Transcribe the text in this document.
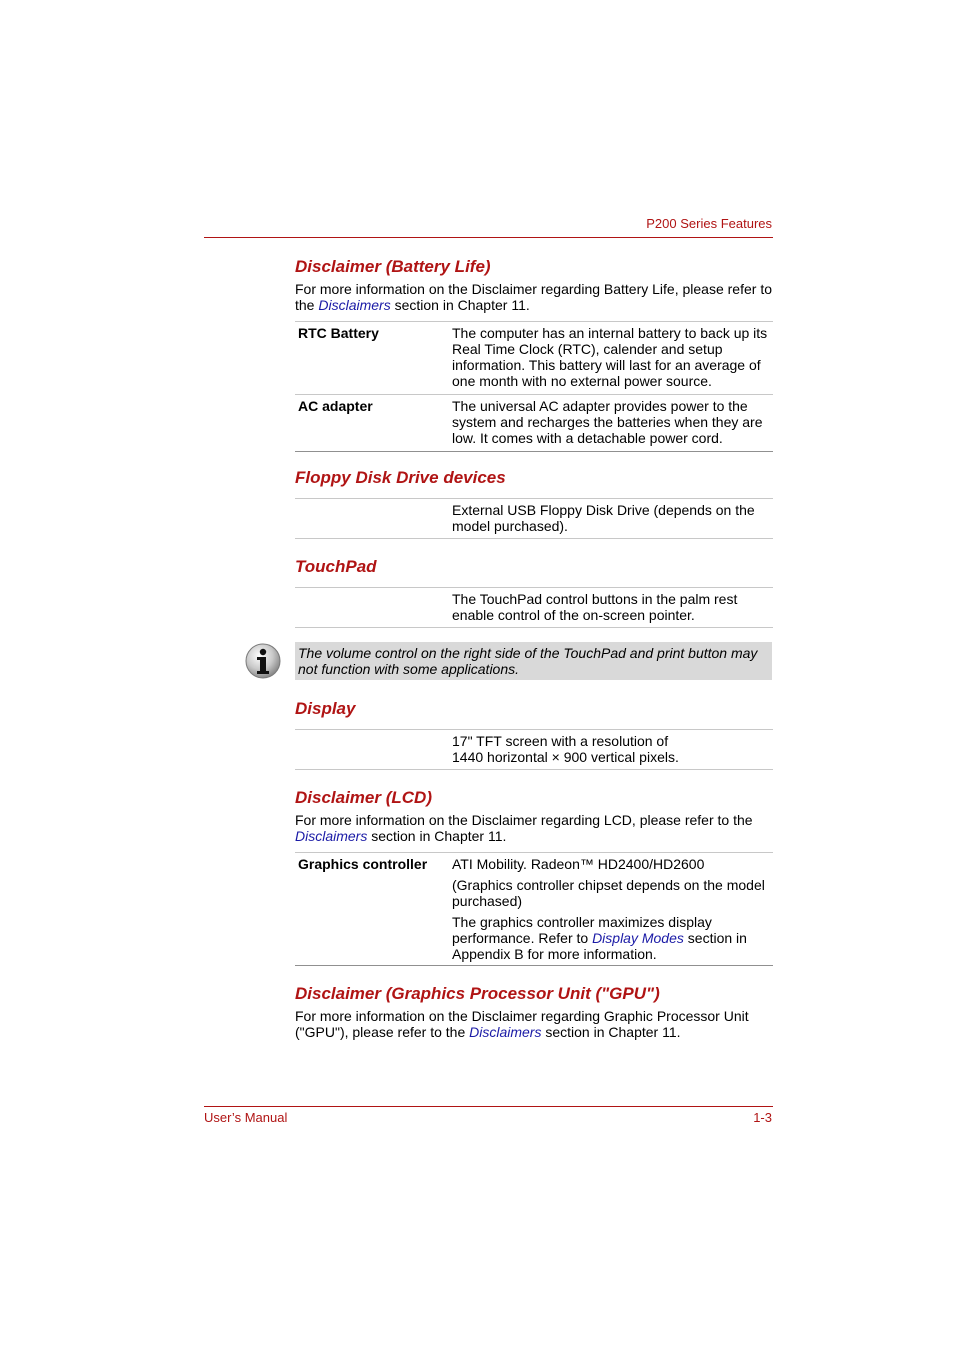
P200 Series Features
Disclaimer (Battery Life)
For more information on the Disclaimer regarding Battery Life, please refer to the Disclaimers section in Chapter 11.
RTC Battery	The computer has an internal battery to back up its Real Time Clock (RTC), calender and setup information. This battery will last for an average of one month with no external power source.
AC adapter	The universal AC adapter provides power to the system and recharges the batteries when they are low. It comes with a detachable power cord.
Floppy Disk Drive devices
External USB Floppy Disk Drive (depends on the model purchased).
TouchPad
The TouchPad control buttons in the palm rest enable control of the on-screen pointer.
The volume control on the right side of the TouchPad and print button may not function with some applications.
Display
17" TFT screen with a resolution of
1440 horizontal × 900 vertical pixels.
Disclaimer (LCD)
For more information on the Disclaimer regarding LCD, please refer to the Disclaimers section in Chapter 11.
Graphics controller	ATI Mobility. Radeon™ HD2400/HD2600

(Graphics controller chipset depends on the model purchased)

The graphics controller maximizes display performance. Refer to Display Modes section in Appendix B for more information.

Disclaimer (Graphics Processor Unit ("GPU")
For more information on the Disclaimer regarding Graphic Processor Unit ("GPU"), please refer to the Disclaimers section in Chapter 11.
User’s Manual	1-3
